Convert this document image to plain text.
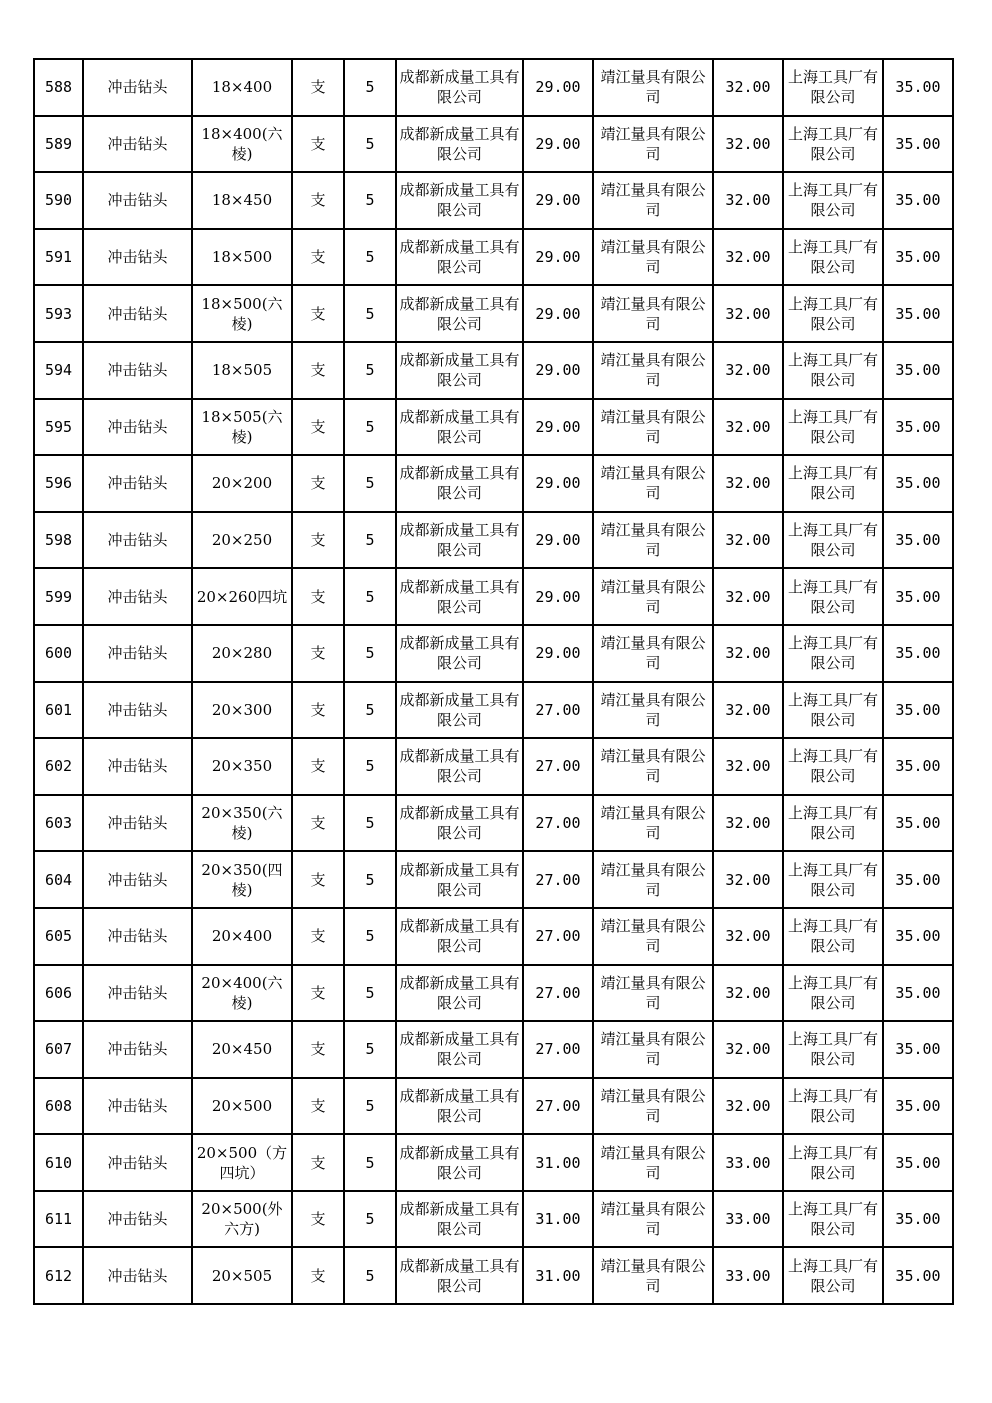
588	冲击钻头	18×400	支	5	成都新成量工具有限公司	29.00	靖江量具有限公司	32.00	上海工具厂有限公司	35.00
589	冲击钻头	18×400(六棱)	支	5	成都新成量工具有限公司	29.00	靖江量具有限公司	32.00	上海工具厂有限公司	35.00
590	冲击钻头	18×450	支	5	成都新成量工具有限公司	29.00	靖江量具有限公司	32.00	上海工具厂有限公司	35.00
591	冲击钻头	18×500	支	5	成都新成量工具有限公司	29.00	靖江量具有限公司	32.00	上海工具厂有限公司	35.00
593	冲击钻头	18×500(六棱)	支	5	成都新成量工具有限公司	29.00	靖江量具有限公司	32.00	上海工具厂有限公司	35.00
594	冲击钻头	18×505	支	5	成都新成量工具有限公司	29.00	靖江量具有限公司	32.00	上海工具厂有限公司	35.00
595	冲击钻头	18×505(六棱)	支	5	成都新成量工具有限公司	29.00	靖江量具有限公司	32.00	上海工具厂有限公司	35.00
596	冲击钻头	20×200	支	5	成都新成量工具有限公司	29.00	靖江量具有限公司	32.00	上海工具厂有限公司	35.00
598	冲击钻头	20×250	支	5	成都新成量工具有限公司	29.00	靖江量具有限公司	32.00	上海工具厂有限公司	35.00
599	冲击钻头	20×260四坑	支	5	成都新成量工具有限公司	29.00	靖江量具有限公司	32.00	上海工具厂有限公司	35.00
600	冲击钻头	20×280	支	5	成都新成量工具有限公司	29.00	靖江量具有限公司	32.00	上海工具厂有限公司	35.00
601	冲击钻头	20×300	支	5	成都新成量工具有限公司	27.00	靖江量具有限公司	32.00	上海工具厂有限公司	35.00
602	冲击钻头	20×350	支	5	成都新成量工具有限公司	27.00	靖江量具有限公司	32.00	上海工具厂有限公司	35.00
603	冲击钻头	20×350(六棱)	支	5	成都新成量工具有限公司	27.00	靖江量具有限公司	32.00	上海工具厂有限公司	35.00
604	冲击钻头	20×350(四棱)	支	5	成都新成量工具有限公司	27.00	靖江量具有限公司	32.00	上海工具厂有限公司	35.00
605	冲击钻头	20×400	支	5	成都新成量工具有限公司	27.00	靖江量具有限公司	32.00	上海工具厂有限公司	35.00
606	冲击钻头	20×400(六棱)	支	5	成都新成量工具有限公司	27.00	靖江量具有限公司	32.00	上海工具厂有限公司	35.00
607	冲击钻头	20×450	支	5	成都新成量工具有限公司	27.00	靖江量具有限公司	32.00	上海工具厂有限公司	35.00
608	冲击钻头	20×500	支	5	成都新成量工具有限公司	27.00	靖江量具有限公司	32.00	上海工具厂有限公司	35.00
610	冲击钻头	20×500（方四坑）	支	5	成都新成量工具有限公司	31.00	靖江量具有限公司	33.00	上海工具厂有限公司	35.00
611	冲击钻头	20×500(外六方)	支	5	成都新成量工具有限公司	31.00	靖江量具有限公司	33.00	上海工具厂有限公司	35.00
612	冲击钻头	20×505	支	5	成都新成量工具有限公司	31.00	靖江量具有限公司	33.00	上海工具厂有限公司	35.00
